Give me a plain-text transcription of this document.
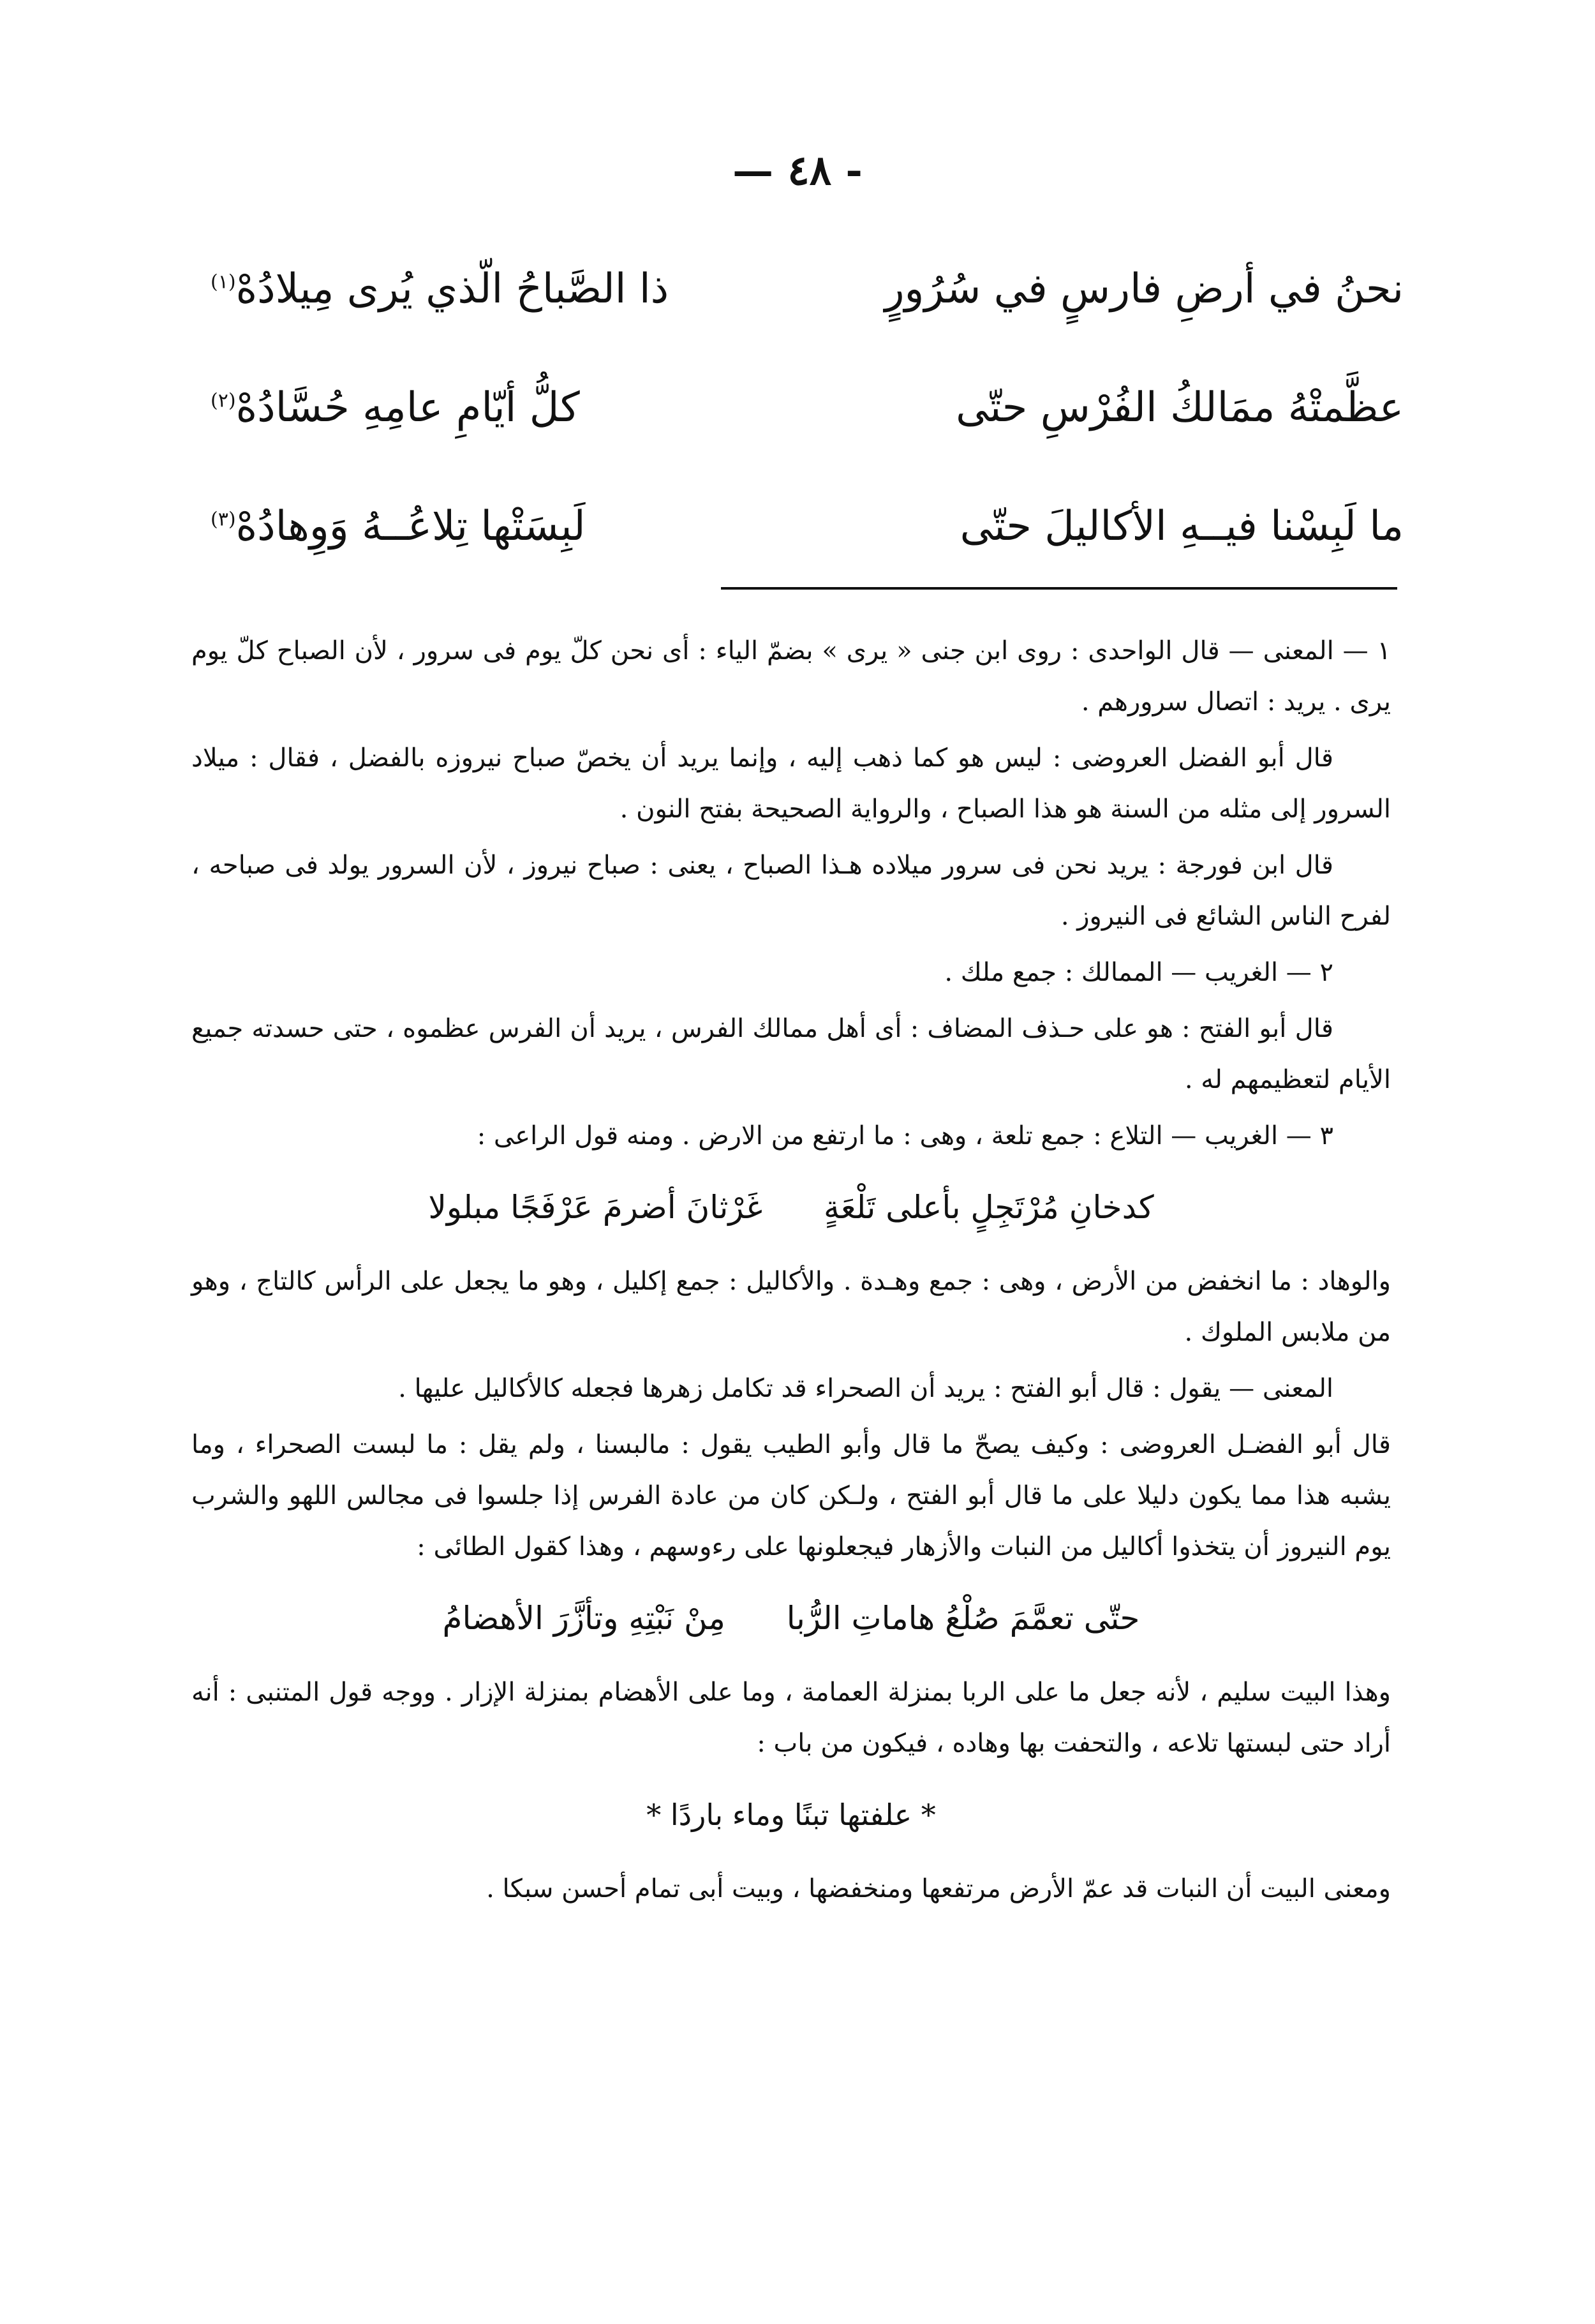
— ٤٨ -
نحنُ في أرضِ فارسٍ في سُرُورٍ
ذا الصَّباحُ الّذي يُرى مِيلادُهْ$^{(١)}$
عظَّمتْهُ ممَالكُ الفُرْسِ حتّى
كلُّ أيّامِ عامِهِ حُسَّادُهْ$^{(٢)}$
ما لَبِسْنا فيــهِ الأكاليلَ حتّى
لَبِسَتْها تِلاعُــهُ وَوِهادُهْ$^{(٣)}$

١ — المعنى — قال الواحدى : روى ابن جنى « يرى » بضمّ الياء : أى نحن كلّ يوم فى سرور ، لأن الصباح كلّ يوم يرى . يريد : اتصال سرورهم .

قال أبو الفضل العروضى : ليس هو كما ذهب إليه ، وإنما يريد أن يخصّ صباح نيروزه بالفضل ، فقال : ميلاد السرور إلى مثله من السنة هو هذا الصباح ، والرواية الصحيحة بفتح النون .

قال ابن فورجة : يريد نحن فى سرور ميلاده هـذا الصباح ، يعنى : صباح نيروز ، لأن السرور يولد فى صباحه ، لفرح الناس الشائع فى النيروز .

٢ — الغريب — الممالك : جمع ملك .

قال أبو الفتح : هو على حـذف المضاف : أى أهل ممالك الفرس ، يريد أن الفرس عظموه ، حتى حسدته جميع الأيام لتعظيمهم له .

٣ — الغريب — التلاع : جمع تلعة ، وهى : ما ارتفع من الارض . ومنه قول الراعى :

كدخانِ مُرْتَجِلٍ بأعلى تَلْعَةٍ غَرْثانَ أضرمَ عَرْفَجًا مبلولا

والوهاد : ما انخفض من الأرض ، وهى : جمع وهـدة . والأكاليل : جمع إكليل ، وهو ما يجعل على الرأس كالتاج ، وهو من ملابس الملوك .

المعنى — يقول : قال أبو الفتح : يريد أن الصحراء قد تكامل زهرها فجعله كالأكاليل عليها .

قال أبو الفضـل العروضى : وكيف يصحّ ما قال وأبو الطيب يقول : مالبسنا ، ولم يقل : ما لبست الصحراء ، وما يشبه هذا مما يكون دليلا على ما قال أبو الفتح ، ولـكن كان من عادة الفرس إذا جلسوا فى مجالس اللهو والشرب يوم النيروز أن يتخذوا أكاليل من النبات والأزهار فيجعلونها على رءوسهم ، وهذا كقول الطائى :

حتّى تعمَّمَ صُلْعُ هاماتِ الرُّبا مِنْ نَبْتِهِ وتأزَّرَ الأهضامُ

وهذا البيت سليم ، لأنه جعل ما على الربا بمنزلة العمامة ، وما على الأهضام بمنزلة الإزار . ووجه قول المتنبى : أنه أراد حتى لبستها تلاعه ، والتحفت بها وهاده ، فيكون من باب :

* علفتها تبنًا وماء باردًا *

ومعنى البيت أن النبات قد عمّ الأرض مرتفعها ومنخفضها ، وبيت أبى تمام أحسن سبكا .
